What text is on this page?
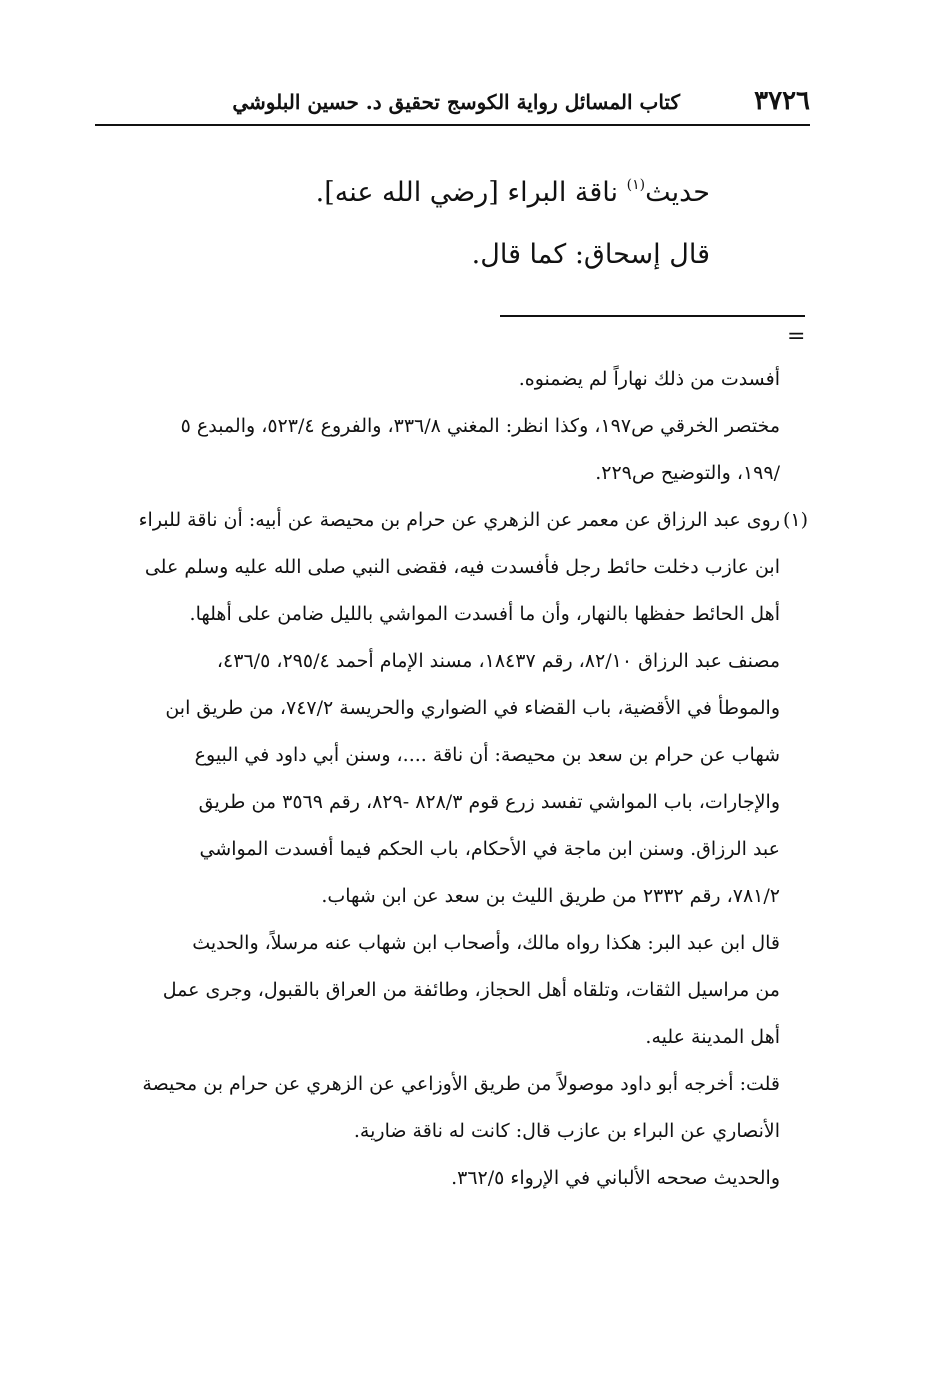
٣٧٢٦
كتاب المسائل رواية الكوسج تحقيق د. حسين البلوشي
حديث$^{(١)}$ ناقة البراء [رضي الله عنه].
قال إسحاق: كما قال.
=
أفسدت من ذلك نهاراً لم يضمنوه.
مختصر الخرقي ص١٩٧، وكذا انظر: المغني ٣٣٦/٨، والفروع ٥٢٣/٤، والمبدع ٥
/١٩٩، والتوضيح ص٢٢٩.
(١)روى عبد الرزاق عن معمر عن الزهري عن حرام بن محيصة عن أبيه: أن ناقة للبراء
ابن عازب دخلت حائط رجل فأفسدت فيه، فقضى النبي صلى الله عليه وسلم على
أهل الحائط حفظها بالنهار، وأن ما أفسدت المواشي بالليل ضامن على أهلها.
مصنف عبد الرزاق ٨٢/١٠، رقم ١٨٤٣٧، مسند الإمام أحمد ٢٩٥/٤، ٤٣٦/٥،
والموطأ في الأقضية، باب القضاء في الضواري والحريسة ٧٤٧/٢، من طريق ابن
شهاب عن حرام بن سعد بن محيصة: أن ناقة ....، وسنن أبي داود في البيوع
والإجارات، باب المواشي تفسد زرع قوم ٨٢٨/٣ -٨٢٩، رقم ٣٥٦٩ من طريق
عبد الرزاق. وسنن ابن ماجة في الأحكام، باب الحكم فيما أفسدت المواشي
٧٨١/٢، رقم ٢٣٣٢ من طريق الليث بن سعد عن ابن شهاب.
قال ابن عبد البر: هكذا رواه مالك، وأصحاب ابن شهاب عنه مرسلاً، والحديث
من مراسيل الثقات، وتلقاه أهل الحجاز، وطائفة من العراق بالقبول، وجرى عمل
أهل المدينة عليه.
قلت: أخرجه أبو داود موصولاً من طريق الأوزاعي عن الزهري عن حرام بن محيصة
الأنصاري عن البراء بن عازب قال: كانت له ناقة ضارية.
والحديث صححه الألباني في الإرواء ٣٦٢/٥.
